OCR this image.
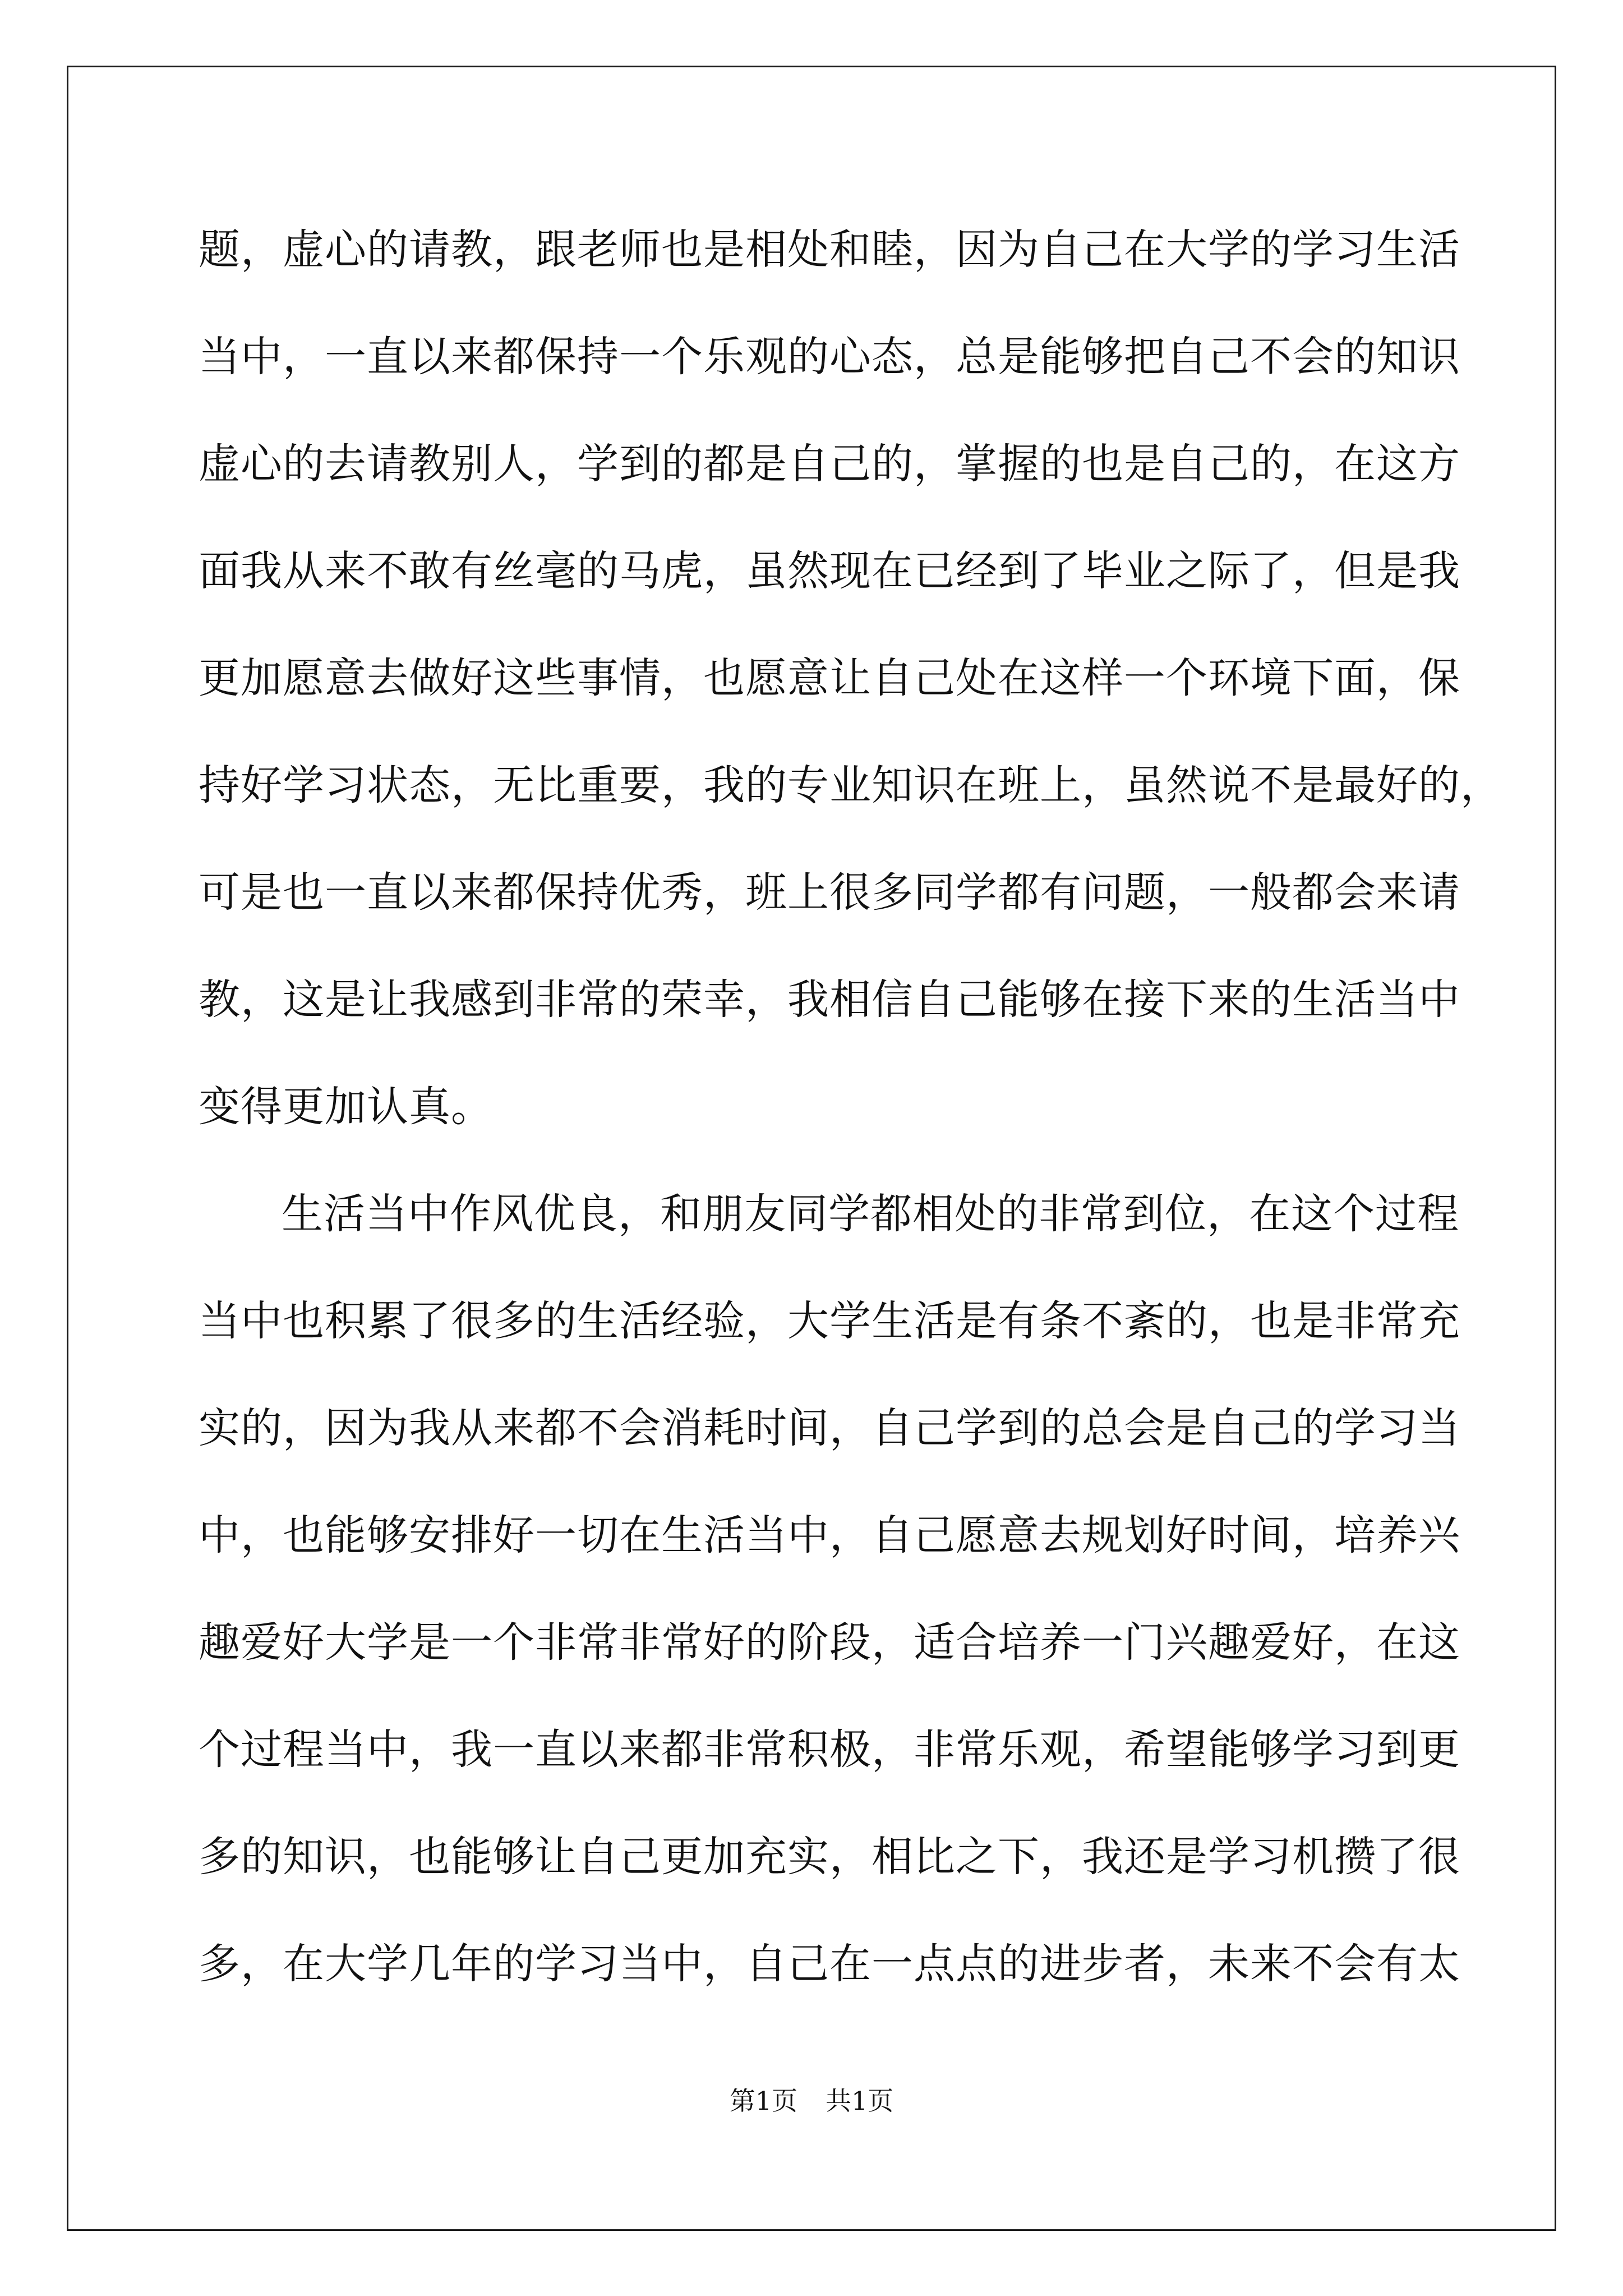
题，虚心的请教，跟老师也是相处和睦，因为自己在大学的学习生活
当中，一直以来都保持一个乐观的心态，总是能够把自己不会的知识
虚心的去请教别人，学到的都是自己的，掌握的也是自己的，在这方
面我从来不敢有丝毫的马虎，虽然现在已经到了毕业之际了，但是我
更加愿意去做好这些事情，也愿意让自己处在这样一个环境下面，保
持好学习状态，无比重要，我的专业知识在班上，虽然说不是最好的，
可是也一直以来都保持优秀，班上很多同学都有问题，一般都会来请
教，这是让我感到非常的荣幸，我相信自己能够在接下来的生活当中
变得更加认真。
生活当中作风优良，和朋友同学都相处的非常到位，在这个过程
当中也积累了很多的生活经验，大学生活是有条不紊的，也是非常充
实的，因为我从来都不会消耗时间，自己学到的总会是自己的学习当
中，也能够安排好一切在生活当中，自己愿意去规划好时间，培养兴
趣爱好大学是一个非常非常好的阶段，适合培养一门兴趣爱好，在这
个过程当中，我一直以来都非常积极，非常乐观，希望能够学习到更
多的知识，也能够让自己更加充实，相比之下，我还是学习机攒了很
多，在大学几年的学习当中，自己在一点点的进步者，未来不会有太
第1页 共1页
